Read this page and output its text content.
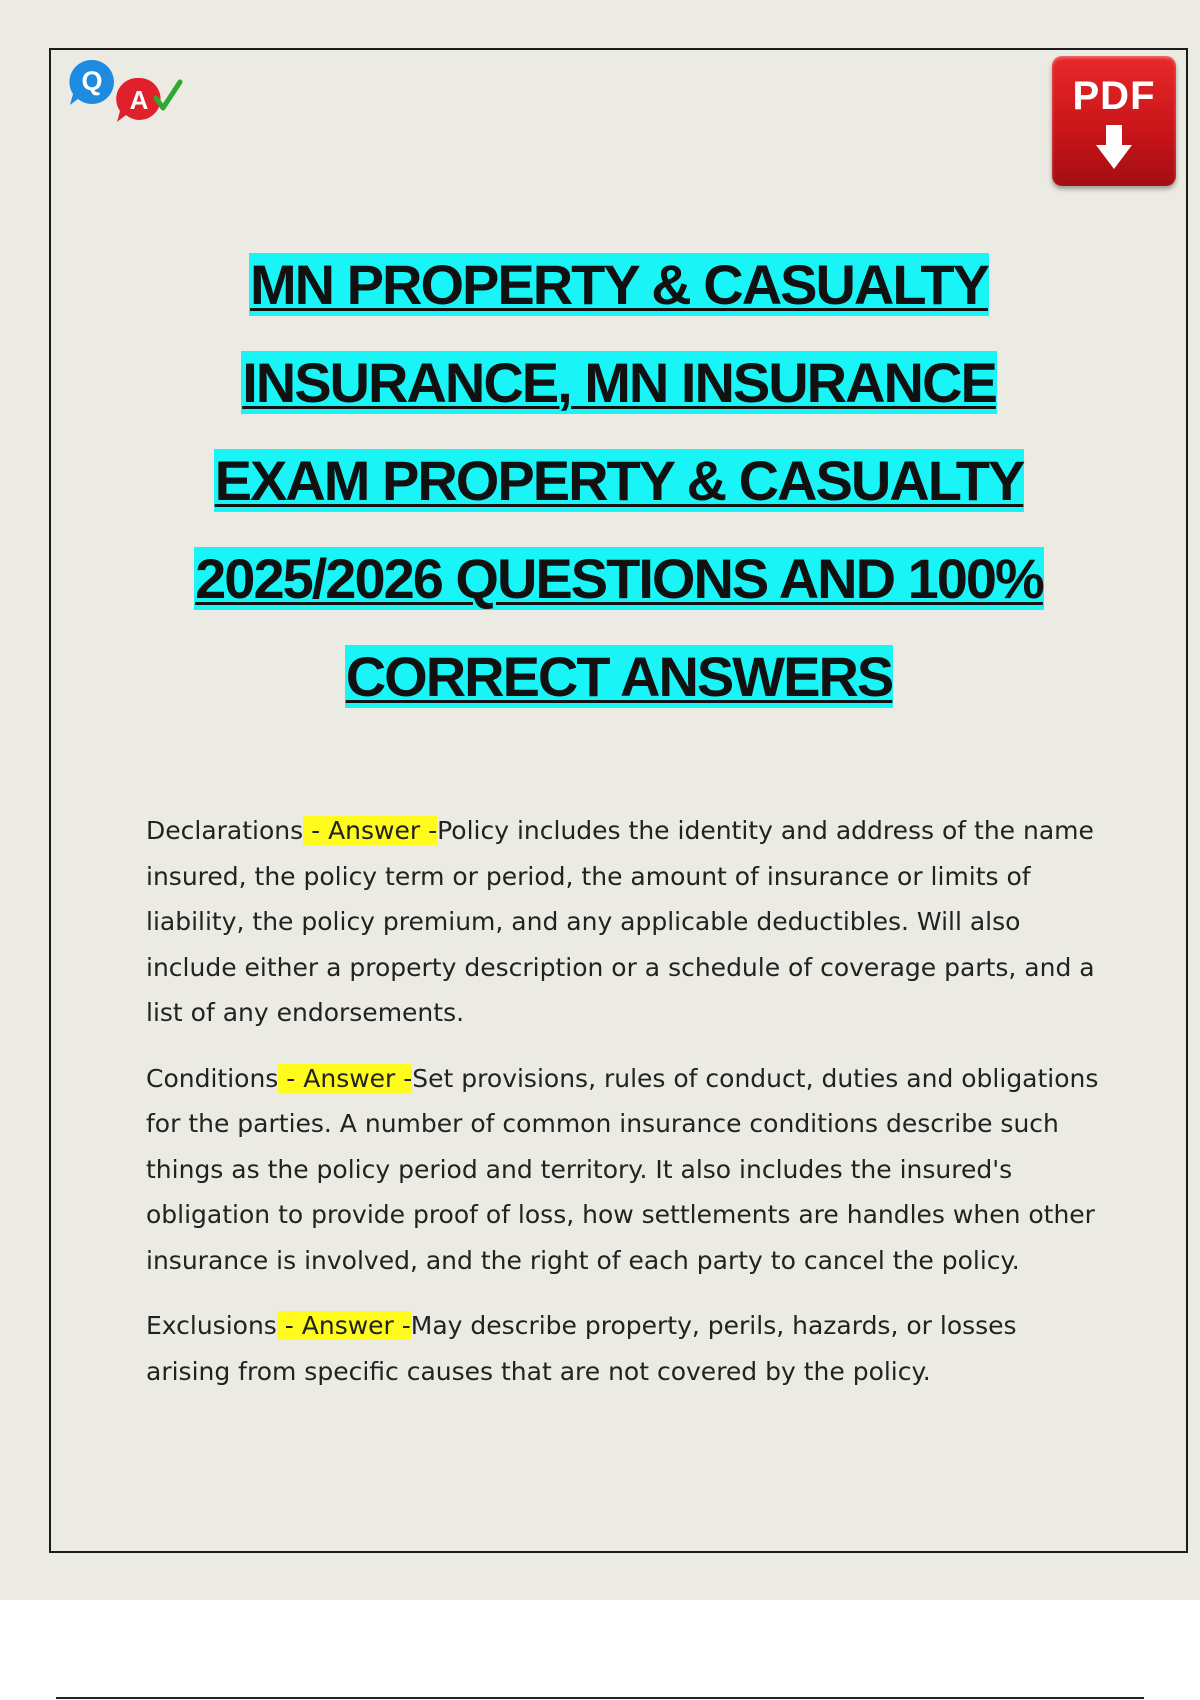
Q
A	PDF
MN PROPERTY & CASUALTY
INSURANCE, MN INSURANCE
EXAM PROPERTY & CASUALTY
2025/2026 QUESTIONS AND 100%
CORRECT ANSWERS

Declarations - Answer -Policy includes the identity and address of the name insured, the policy term or period, the amount of insurance or limits of liability, the policy premium, and any applicable deductibles. Will also include either a property description or a schedule of coverage parts, and a list of any endorsements.

Conditions - Answer -Set provisions, rules of conduct, duties and obligations for the parties. A number of common insurance conditions describe such things as the policy period and territory. It also includes the insured's obligation to provide proof of loss, how settlements are handles when other insurance is involved, and the right of each party to cancel the policy.

Exclusions - Answer -May describe property, perils, hazards, or losses arising from specific causes that are not covered by the policy.
